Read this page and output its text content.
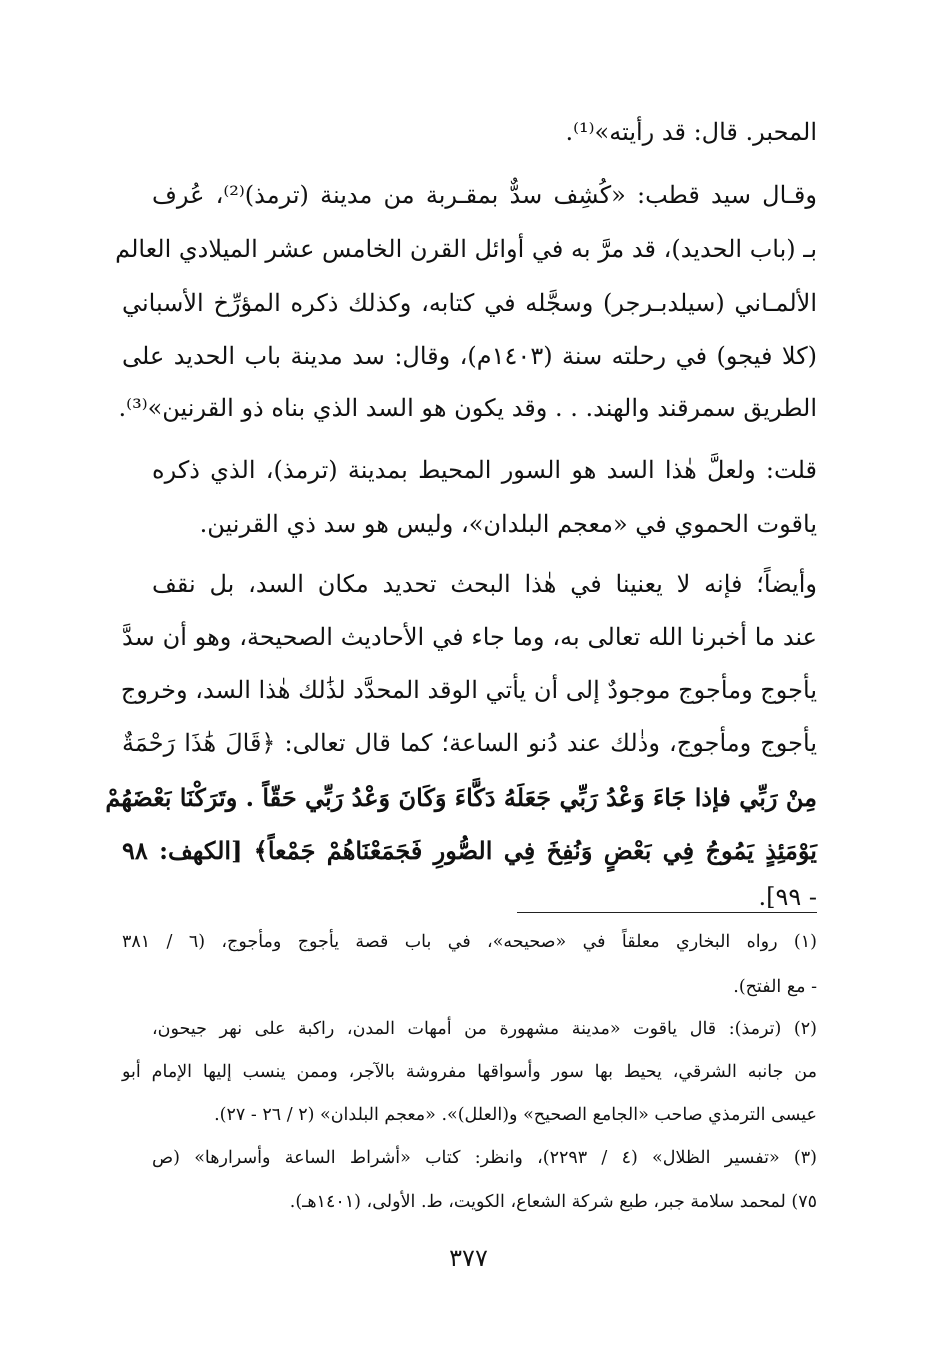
المحبر. قال: قد رأيته»⁽¹⁾.
وقـال سيد قطب: «كُشِف سدٌّ بمقـربة من مدينة (ترمذ)⁽²⁾، عُرف
بـ (باب الحديد)، قد مرَّ به في أوائل القرن الخامس عشر الميلادي العالم
الألمـاني (سيلدبـرجر) وسجَّله في كتابه، وكذلك ذكره المؤرِّخ الأسباني
(كلا فيجو) في رحلته سنة (١٤٠٣م)، وقال: سد مدينة باب الحديد على
الطريق سمرقند والهند. . . وقد يكون هو السد الذي بناه ذو القرنين»⁽³⁾.
قلت: ولعلَّ هٰذا السد هو السور المحيط بمدينة (ترمذ)، الذي ذكره
ياقوت الحموي في «معجم البلدان»، وليس هو سد ذي القرنين.
وأيضاً؛ فإنه لا يعنينا في هٰذا البحث تحديد مكان السد، بل نقف
عند ما أخبرنا الله تعالى به، وما جاء في الأحاديث الصحيحة، وهو أن سدَّ
يأجوج ومأجوج موجودٌ إلى أن يأتي الوقد المحدَّد لذَٰلك هٰذا السد، وخروج
يأجوج ومأجوج، وذٰلك عند دُنو الساعة؛ كما قال تعالى: ﴿قَالَ هَٰذَا رَحْمَةٌ
مِنْ رَبِّي فإذا جَاءَ وَعْدُ رَبِّي جَعَلَهُ دَكَّاءَ وَكَانَ وَعْدُ رَبِّي حَقّاً . وتَرَكْنَا بَعْضَهُمْ
يَوْمَئِذٍ يَمُوجُ فِي بَعْضٍ وَنُفِخَ فِي الصُّورِ فَجَمَعْنَاهُمْ جَمْعاً﴾ [الكهف: ٩٨
- ٩٩].
(١) رواه البخاري معلقاً في «صحيحه»، في باب قصة يأجوج ومأجوج، (٦ / ٣٨١
- مع الفتح).
(٢) (ترمذ): قال ياقوت «مدينة مشهورة من أمهات المدن، راكبة على نهر جيحون،
من جانبه الشرقي، يحيط بها سور وأسواقها مفروشة بالآجر، وممن ينسب إليها الإمام أبو
عيسى الترمذي صاحب «الجامع الصحيح» و(العلل)». «معجم البلدان» (٢ / ٢٦ - ٢٧).
(٣) «تفسير الظلال» (٤ / ٢٢٩٣)، وانظر: كتاب «أشراط الساعة وأسرارها» (ص
٧٥) لمحمد سلامة جبر، طبع شركة الشعاع، الكويت، ط. الأولى، (١٤٠١هـ).
٣٧٧
